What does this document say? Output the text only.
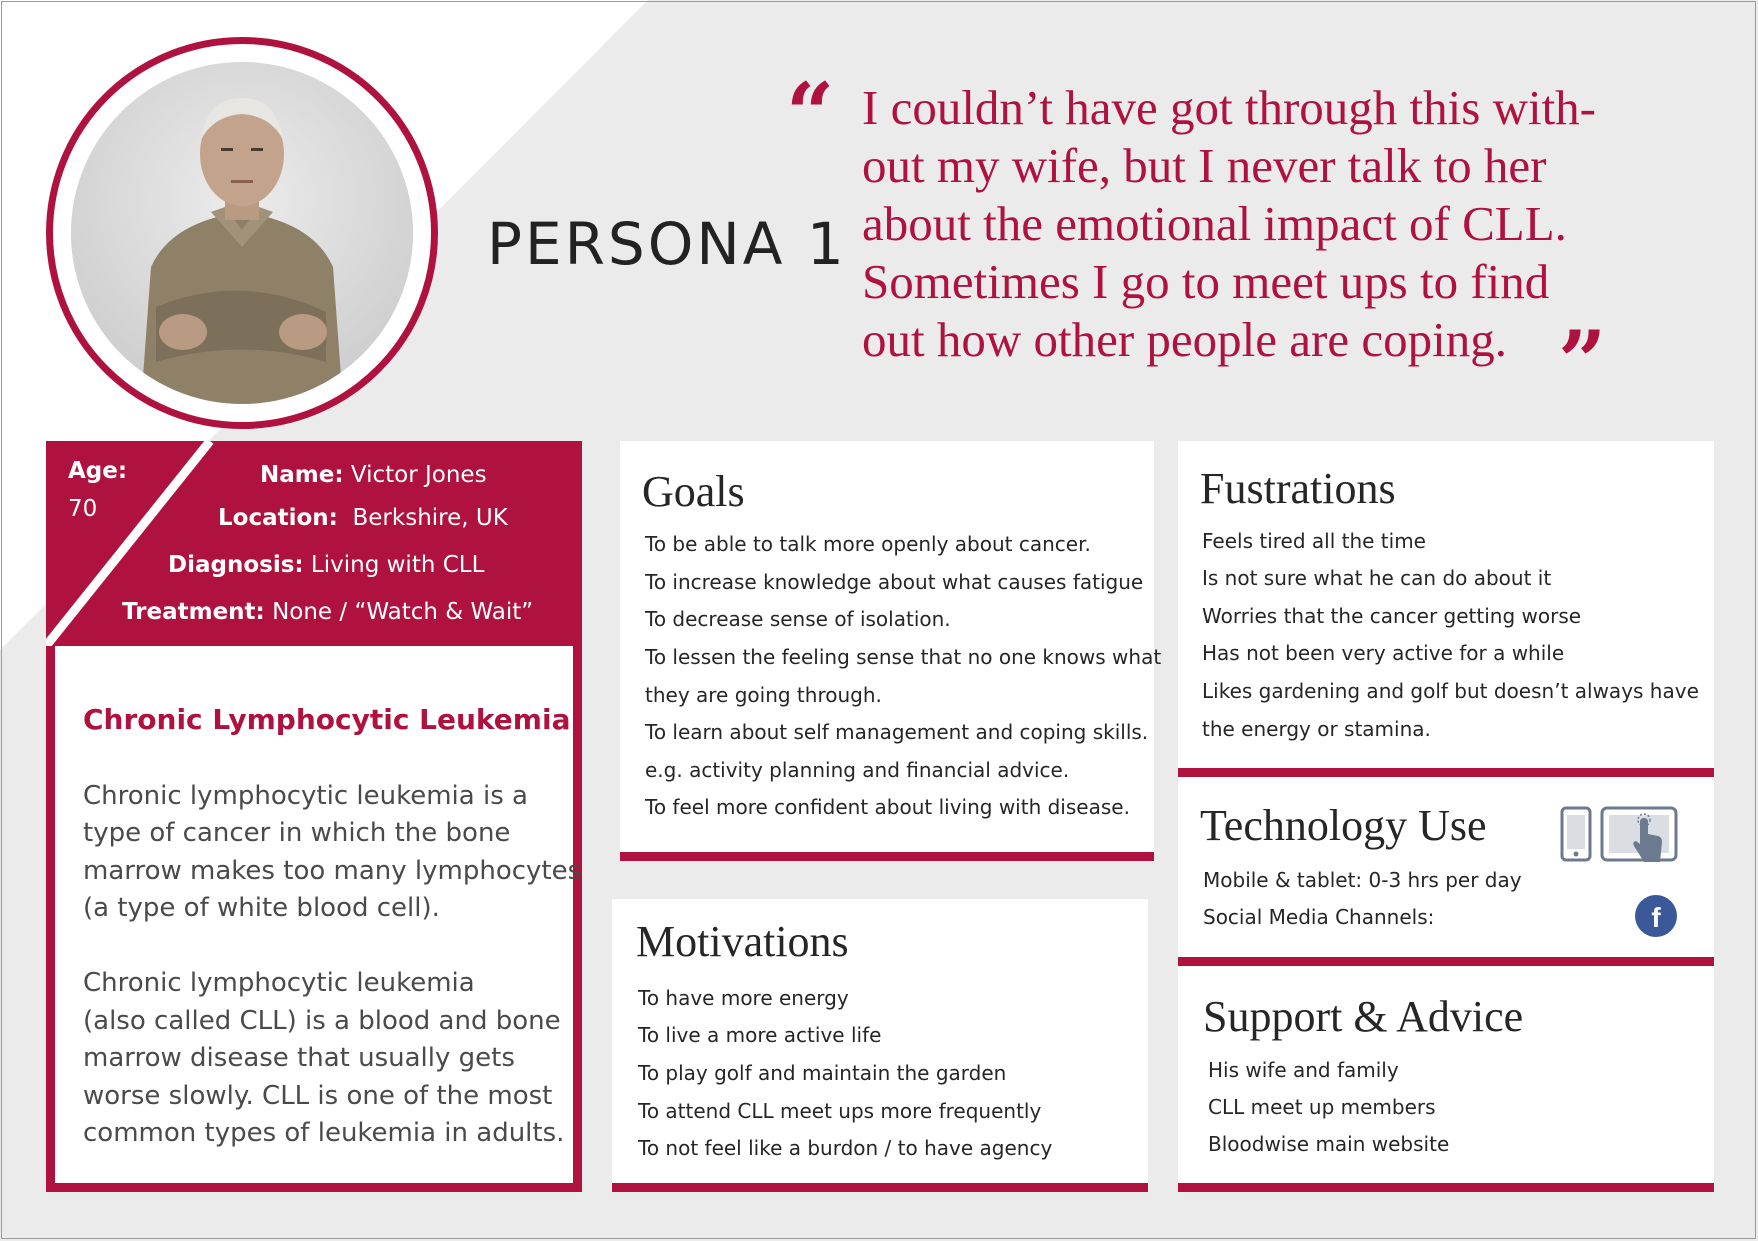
PERSONA 1
“ I couldn’t have got through this with-
out my wife, but I never talk to her
about the emotional impact of CLL.
Sometimes I go to meet ups to find
out how other people are coping. ”
Age:
70
Name: Victor Jones
Location: Berkshire, UK
Diagnosis: Living with CLL
Treatment: None / “Watch & Wait”
Chronic Lymphocytic Leukemia
Chronic lymphocytic leukemia is a
type of cancer in which the bone
marrow makes too many lymphocytes
(a type of white blood cell).
Chronic lymphocytic leukemia
(also called CLL) is a blood and bone
marrow disease that usually gets
worse slowly. CLL is one of the most
common types of leukemia in adults.
Goals
To be able to talk more openly about cancer.
To increase knowledge about what causes fatigue
To decrease sense of isolation.
To lessen the feeling sense that no one knows what
they are going through.
To learn about self management and coping skills.
e.g. activity planning and financial advice.
To feel more confident about living with disease.
Motivations
To have more energy
To live a more active life
To play golf and maintain the garden
To attend CLL meet ups more frequently
To not feel like a burdon / to have agency
Fustrations
Feels tired all the time
Is not sure what he can do about it
Worries that the cancer getting worse
Has not been very active for a while
Likes gardening and golf but doesn’t always have
the energy or stamina.
Technology Use
Mobile & tablet: 0-3 hrs per day
Social Media Channels:	f
Support & Advice
His wife and family
CLL meet up members
Bloodwise main website
